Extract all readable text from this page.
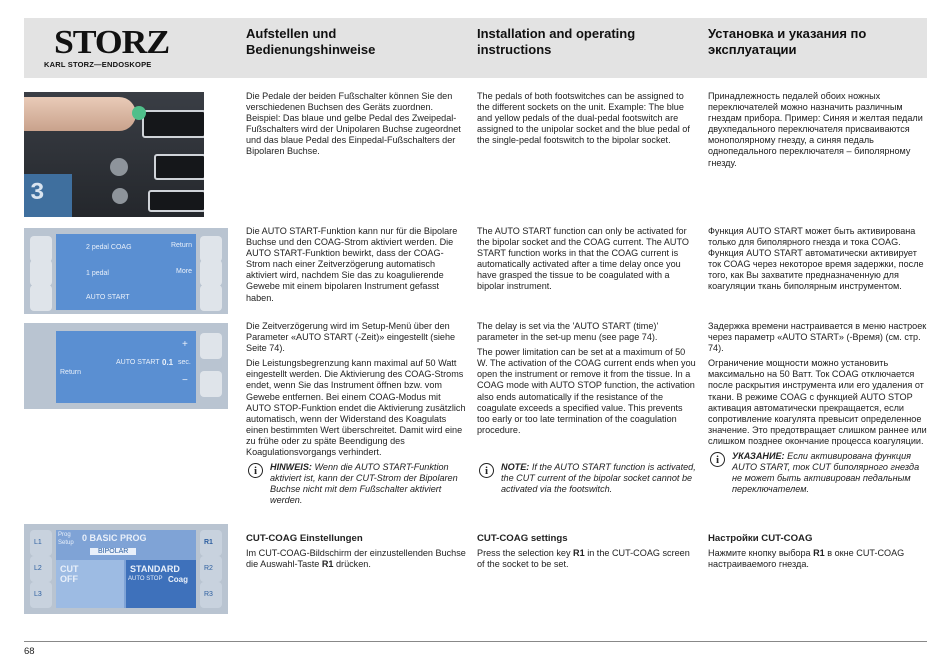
STORZ
KARL STORZ—ENDOSKOPE
Aufstellen und Bedienungshinweise
Installation and operating instructions
Установка и указания по эксплуатации
3
2 pedal COAG	Return
1 pedal	More
AUTO START
Return
AUTO START 0.1 sec.
+
−
L1
L2
L3
Prog
Setup 0 BASIC PROG
BIPOLAR
CUT
OFF
STANDARD
AUTO STOP Coag
R1
R2
R3
Die Pedale der beiden Fußschalter können Sie den verschiedenen Buchsen des Geräts zuordnen. Beispiel: Das blaue und gelbe Pedal des Zweipedal-Fußschalters wird der Unipolaren Buchse zugeordnet und das blaue Pedal des Einpedal-Fußschalters der Bipolaren Buchse.
The pedals of both footswitches can be assigned to the different sockets on the unit. Example: The blue and yellow pedals of the dual-pedal footswitch are assigned to the unipolar socket and the blue pedal of the single-pedal footswitch to the bipolar socket.
Принадлежность педалей обоих ножных переключателей можно назначить различным гнездам прибора. Пример: Синяя и желтая педали двухпедального переключателя присваиваются монополярному гнезду, а синяя педаль однопедального переключателя – биполярному гнезду.
Die AUTO START-Funktion kann nur für die Bipolare Buchse und den COAG-Strom aktiviert werden. Die AUTO START-Funktion bewirkt, dass der COAG-Strom nach einer Zeitverzögerung automatisch aktiviert wird, nachdem Sie das zu koagulierende Gewebe mit einem bipolaren Instrument gefasst haben.
The AUTO START function can only be activated for the bipolar socket and the COAG current. The AUTO START function works in that the COAG current is automatically activated after a time delay once you have grasped the tissue to be coagulated with a bipolar instrument.
Функция AUTO START может быть активирована только для биполярного гнезда и тока COAG. Функция AUTO START автоматически активирует ток COAG через некоторое время задержки, после того, как Вы захватите предназначенную для коагуляции ткань биполярным инструментом.

Die Zeitverzögerung wird im Setup-Menü über den Parameter «AUTO START (-Zeit)» eingestellt (siehe Seite 74).

Die Leistungsbegrenzung kann maximal auf 50 Watt eingestellt werden. Die Aktivierung des COAG-Stroms endet, wenn Sie das Instrument öffnen bzw. vom Gewebe entfernen. Bei einem COAG-Modus mit AUTO STOP-Funktion endet die Aktivierung zusätzlich automatisch, wenn der Widerstand des Koagulats einen bestimmten Wert überschreitet. Damit wird eine zu frühe oder zu späte Beendigung des Koagulationsvorgangs verhindert.

i	HINWEIS: Wenn die AUTO START-Funktion aktiviert ist, kann der CUT-Strom der Bipolaren Buchse nicht mit dem Fußschalter aktiviert werden.

The delay is set via the 'AUTO START (time)' parameter in the set-up menu (see page 74).

The power limitation can be set at a maximum of 50 W. The activation of the COAG current ends when you open the instrument or remove it from the tissue. In a COAG mode with AUTO STOP function, the activation also ends automatically if the resistance of the coagulate exceeds a specified value. This prevents too early or too late termination of the coagulation procedure.

i	NOTE: If the AUTO START function is activated, the CUT current of the bipolar socket cannot be activated via the footswitch.

Задержка времени настраивается в меню настроек через параметр «AUTO START» (-Время) (см. стр. 74).

Ограничение мощности можно установить максимально на 50 Ватт. Ток COAG отключается после раскрытия инструмента или его удаления от ткани. В режиме COAG с функцией AUTO STOP активация автоматически прекращается, если сопротивление коагулята превысит определенное значение. Это предотвращает слишком раннее или слишком позднее окончание процесса коагуляции.

i	УКАЗАНИЕ: Если активирована функция AUTO START, ток CUT биполярного гнезда не может быть активирован педальным переключателем.
CUT-COAG Einstellungen
Im CUT-COAG-Bildschirm der einzustellenden Buchse die Auswahl-Taste R1 drücken.
CUT-COAG settings
Press the selection key R1 in the CUT-COAG screen of the socket to be set.
Настройки CUT-COAG
Нажмите кнопку выбора R1 в окне CUT-COAG настраиваемого гнезда.
68
